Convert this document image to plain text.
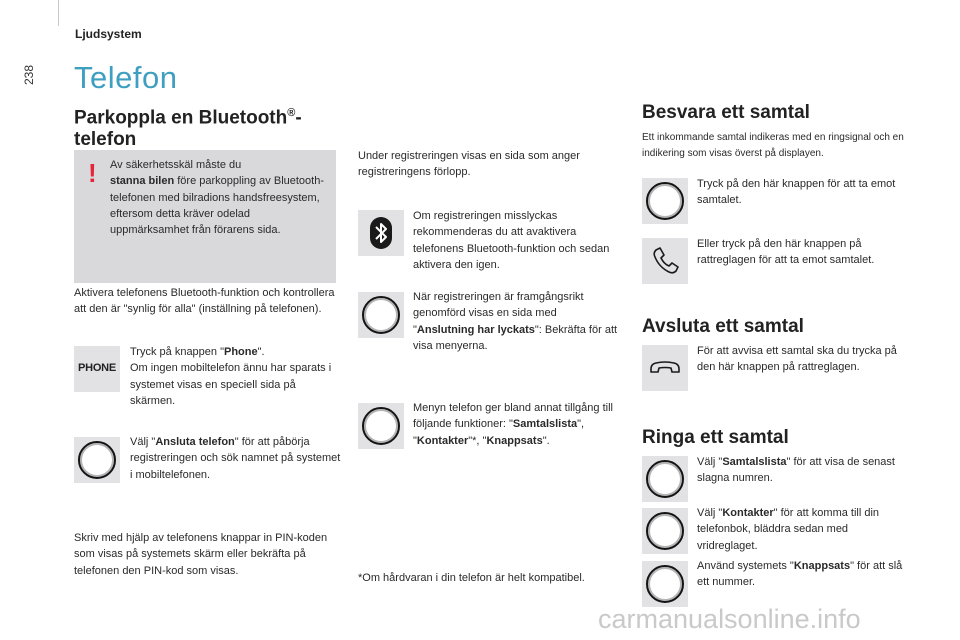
238
Ljudsystem
Telefon
Parkoppla en Bluetooth®-
telefon
! Av säkerhetsskäl måste du
stanna bilen före parkoppling av Bluetooth-telefonen med bilradions handsfreesystem, eftersom detta kräver odelad uppmärksamhet från förarens sida.
Aktivera telefonens Bluetooth-funktion och kontrollera att den är "synlig för alla" (inställning på telefonen).
PHONE
Tryck på knappen "Phone".
Om ingen mobiltelefon ännu har sparats i systemet visas en speciell sida på skärmen.
Välj "Ansluta telefon" för att påbörja registreringen och sök namnet på systemet i mobiltelefonen.
Skriv med hjälp av telefonens knappar in PIN-koden som visas på systemets skärm eller bekräfta på telefonen den PIN-kod som visas.
Under registreringen visas en sida som anger registreringens förlopp.
Om registreringen misslyckas rekommenderas du att avaktivera telefonens Bluetooth-funktion och sedan aktivera den igen.
När registreringen är framgångsrikt genomförd visas en sida med "Anslutning har lyckats": Bekräfta för att visa menyerna.
Menyn telefon ger bland annat tillgång till följande funktioner: "Samtalslista", "Kontakter"*, "Knappsats".
*Om hårdvaran i din telefon är helt kompatibel.
Besvara ett samtal
Ett inkommande samtal indikeras med en ringsignal och en indikering som visas överst på displayen.
Tryck på den här knappen för att ta emot samtalet.
Eller tryck på den här knappen på rattreglagen för att ta emot samtalet.
Avsluta ett samtal
För att avvisa ett samtal ska du trycka på den här knappen på rattreglagen.
Ringa ett samtal
Välj "Samtalslista" för att visa de senast slagna numren.
Välj "Kontakter" för att komma till din telefonbok, bläddra sedan med vridreglaget.
Använd systemets "Knappsats" för att slå ett nummer.
carmanualsonline.info
